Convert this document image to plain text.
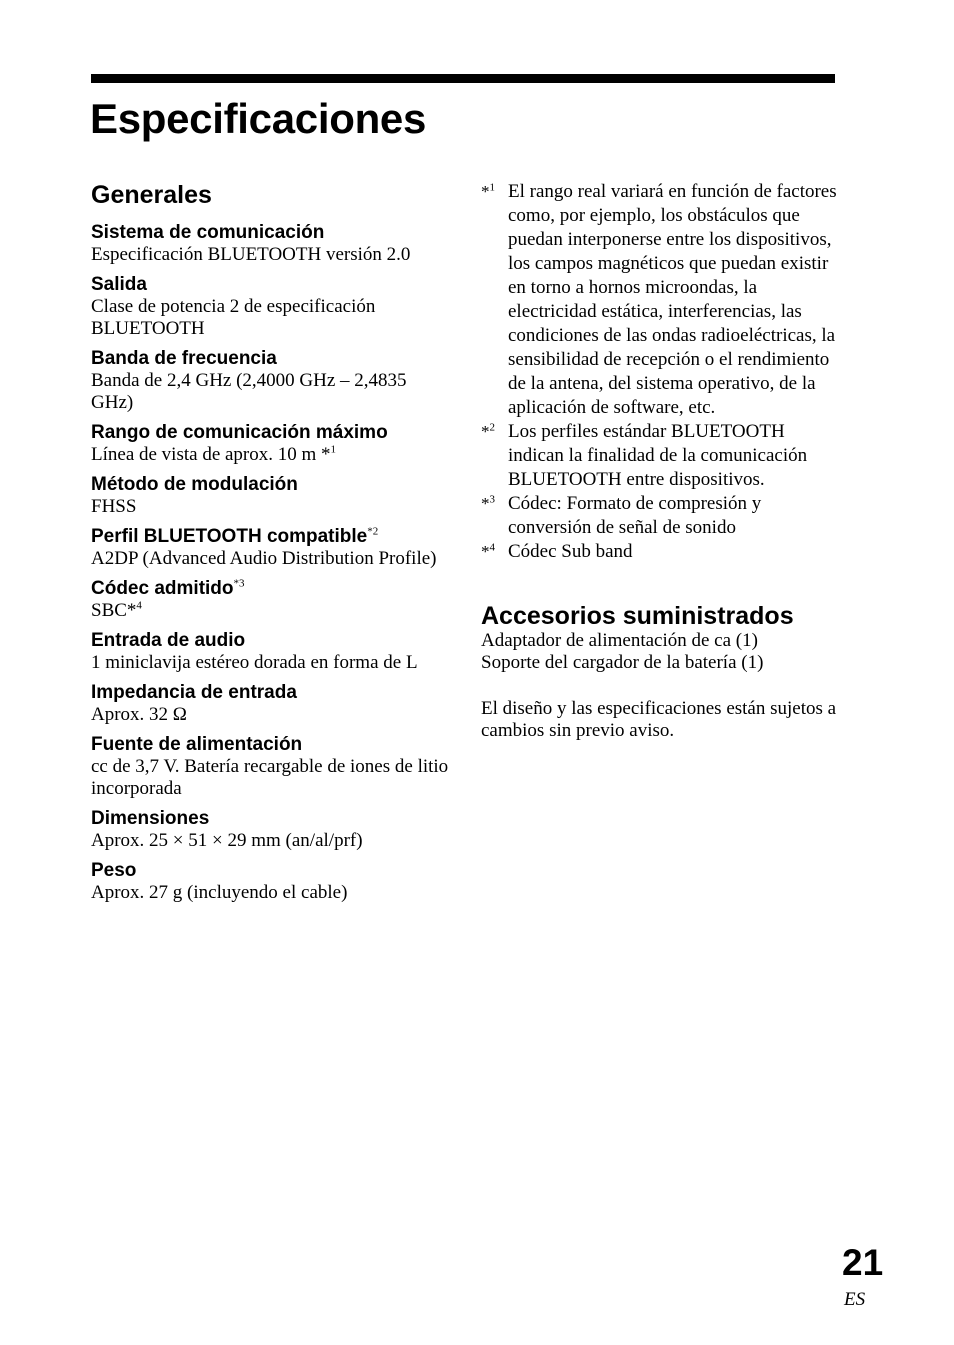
Especificaciones
Generales
Sistema de comunicación
Especificación BLUETOOTH versión 2.0
Salida
Clase de potencia 2 de especificación BLUETOOTH
Banda de frecuencia
Banda de 2,4 GHz (2,4000 GHz – 2,4835 GHz)
Rango de comunicación máximo
Línea de vista de aprox. 10 m *$^1$
Método de modulación
FHSS
Perfil BLUETOOTH compatible$^{*2}$
A2DP (Advanced Audio Distribution Profile)
Códec admitido$^{*3}$
SBC*$^4$
Entrada de audio
1 miniclavija estéreo dorada en forma de L
Impedancia de entrada
Aprox. 32 Ω
Fuente de alimentación
cc de 3,7 V. Batería recargable de iones de litio incorporada
Dimensiones
Aprox. 25 × 51 × 29 mm (an/al/prf)
Peso
Aprox. 27 g (incluyendo el cable)
*$^1$ El rango real variará en función de factores como, por ejemplo, los obstáculos que puedan interponerse entre los dispositivos, los campos magnéticos que puedan existir en torno a hornos microondas, la electricidad estática, interferencias, las condiciones de las ondas radioeléctricas, la sensibilidad de recepción o el rendimiento de la antena, del sistema operativo, de la aplicación de software, etc.
*$^2$ Los perfiles estándar BLUETOOTH indican la finalidad de la comunicación BLUETOOTH entre dispositivos.
*$^3$ Códec: Formato de compresión y conversión de señal de sonido
*$^4$ Códec Sub band
Accesorios suministrados
Adaptador de alimentación de ca (1)
Soporte del cargador de la batería (1)
El diseño y las especificaciones están sujetos a cambios sin previo aviso.
21
ES
